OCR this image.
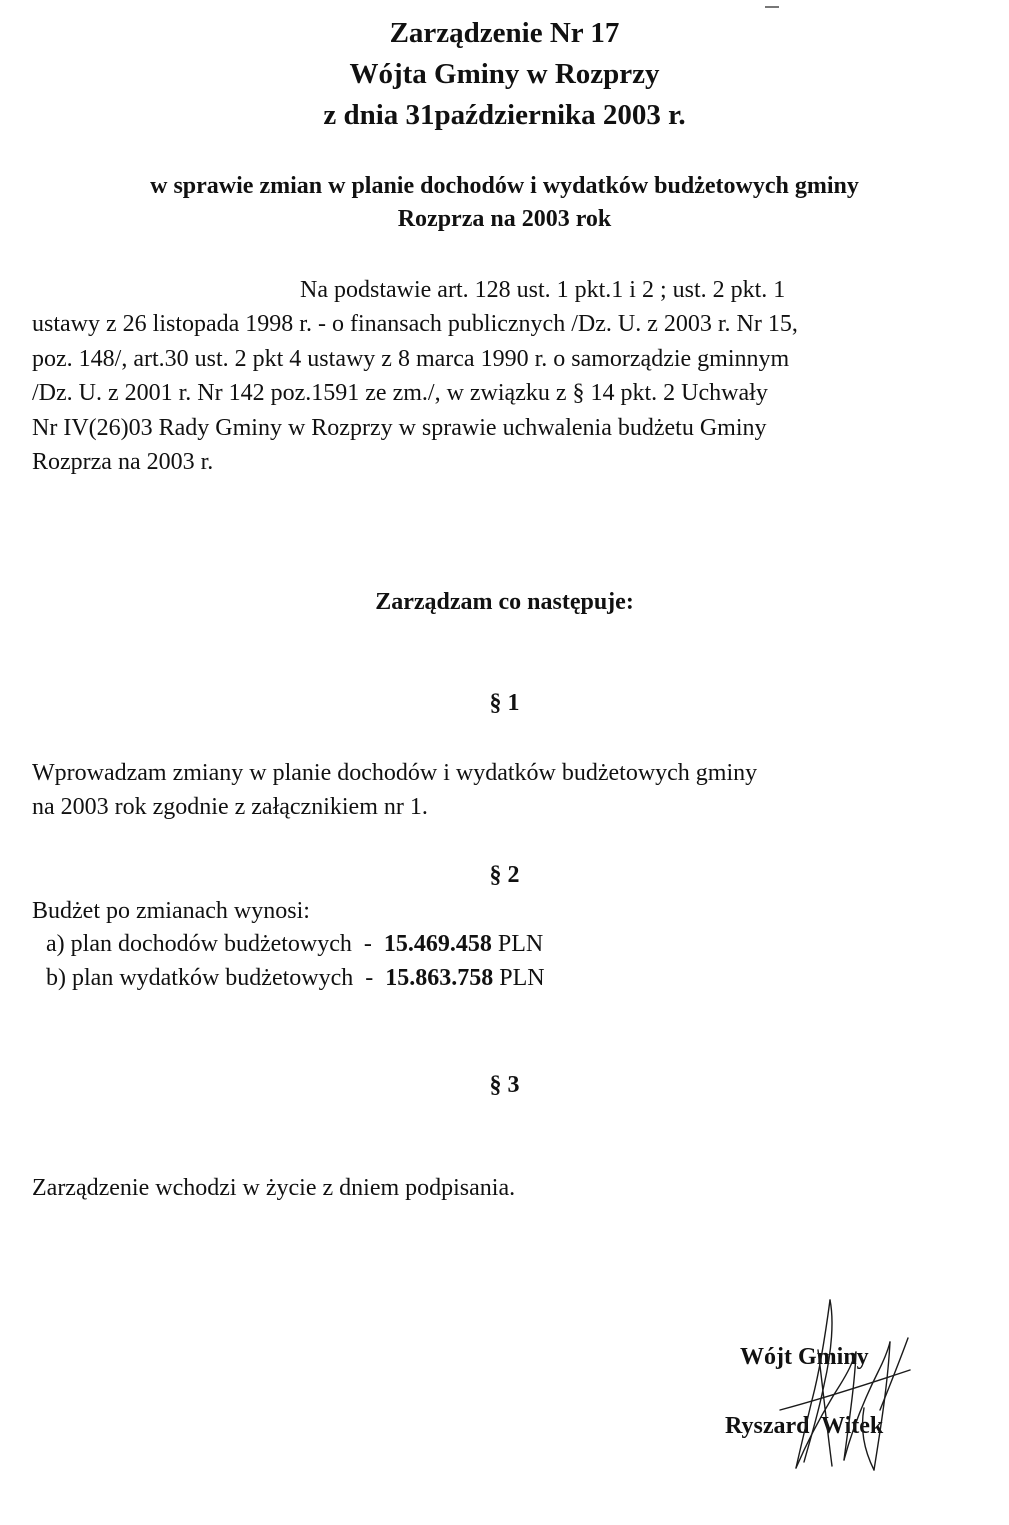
Zarządzenie Nr 17
Wójta Gminy w Rozprzy
z dnia 31października 2003 r.
w sprawie zmian w planie dochodów i wydatków budżetowych gminy
Rozprza na 2003 rok
Na podstawie art. 128 ust. 1 pkt.1 i 2 ; ust. 2 pkt. 1
ustawy z 26 listopada 1998 r. - o finansach publicznych /Dz. U. z 2003 r. Nr 15,
poz. 148/, art.30 ust. 2 pkt 4 ustawy z 8 marca 1990 r. o samorządzie gminnym
/Dz. U. z 2001 r. Nr 142 poz.1591 ze zm./, w związku z § 14 pkt. 2 Uchwały
Nr IV(26)03 Rady Gminy w Rozprzy w sprawie uchwalenia budżetu Gminy
Rozprza na 2003 r.
Zarządzam co następuje:
§ 1
Wprowadzam zmiany w planie dochodów i wydatków budżetowych gminy
na 2003 rok zgodnie z załącznikiem nr 1.
§ 2
Budżet po zmianach wynosi:
a) plan dochodów budżetowych  -  15.469.458 PLN
b) plan wydatków budżetowych  -  15.863.758 PLN
§ 3
Zarządzenie wchodzi w życie z dniem podpisania.
Wójt Gminy
Ryszard  Witek
